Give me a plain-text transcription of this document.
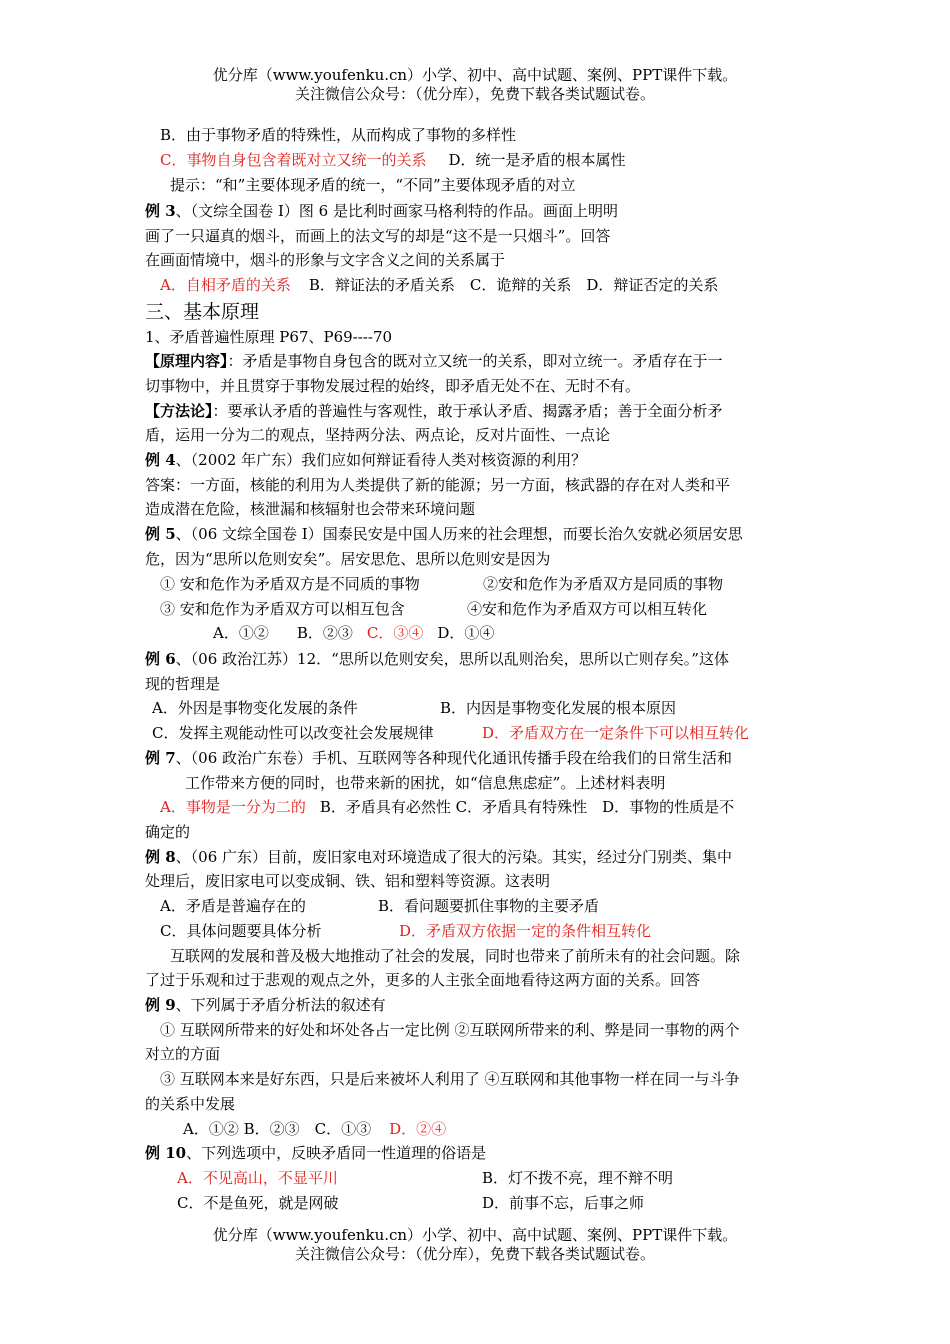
优分库（www.youfenku.cn）小学、初中、高中试题、案例、PPT课件下载。
关注微信公众号：（优分库），免费下载各类试题试卷。
B．由于事物矛盾的特殊性，从而构成了事物的多样性
C．事物自身包含着既对立又统一的关系 D．统一是矛盾的根本属性
提示：“和”主要体现矛盾的统一，“不同”主要体现矛盾的对立
例 3、（文综全国卷 I）图 6 是比利时画家马格利特的作品。画面上明明
画了一只逼真的烟斗，而画上的法文写的却是“这不是一只烟斗”。回答
在画面情境中，烟斗的形象与文字含义之间的关系属于
A．自相矛盾的关系 B．辩证法的矛盾关系　C．诡辩的关系　D．辩证否定的关系
三、基本原理
1、矛盾普遍性原理 P67、P69----70
【原理内容】：矛盾是事物自身包含的既对立又统一的关系，即对立统一。矛盾存在于一
切事物中，并且贯穿于事物发展过程的始终，即矛盾无处不在、无时不有。
【方法论】：要承认矛盾的普遍性与客观性，敢于承认矛盾、揭露矛盾；善于全面分析矛
盾，运用一分为二的观点，坚持两分法、两点论，反对片面性、一点论
例 4、（2002 年广东）我们应如何辩证看待人类对核资源的利用？
答案：一方面，核能的利用为人类提供了新的能源；另一方面，核武器的存在对人类和平
造成潜在危险，核泄漏和核辐射也会带来环境问题
例 5、（06 文综全国卷 I）国泰民安是中国人历来的社会理想，而要长治久安就必须居安思
危，因为“思所以危则安矣”。居安思危、思所以危则安是因为
① 安和危作为矛盾双方是不同质的事物	②安和危作为矛盾双方是同质的事物
③ 安和危作为矛盾双方可以相互包含	④安和危作为矛盾双方可以相互转化
A．①② B．②③ C．③④ D．①④
例 6、（06 政治江苏）12．“思所以危则安矣，思所以乱则治矣，思所以亡则存矣。”这体
现的哲理是
A．外因是事物变化发展的条件	B．内因是事物变化发展的根本原因
C．发挥主观能动性可以改变社会发展规律	D．矛盾双方在一定条件下可以相互转化
例 7、（06 政治广东卷）手机、互联网等各种现代化通讯传播手段在给我们的日常生活和
工作带来方便的同时，也带来新的困扰，如“信息焦虑症”。上述材料表明
A．事物是一分为二的 B．矛盾具有必然性 C．矛盾具有特殊性　D．事物的性质是不
确定的
例 8、（06 广东）目前，废旧家电对环境造成了很大的污染。其实，经过分门别类、集中
处理后，废旧家电可以变成铜、铁、铝和塑料等资源。这表明
A．矛盾是普遍存在的	B．看问题要抓住事物的主要矛盾
C．具体问题要具体分析	D．矛盾双方依据一定的条件相互转化
互联网的发展和普及极大地推动了社会的发展，同时也带来了前所未有的社会问题。除
了过于乐观和过于悲观的观点之外，更多的人主张全面地看待这两方面的关系。回答
例 9、下列属于矛盾分析法的叙述有
① 互联网所带来的好处和坏处各占一定比例 ②互联网所带来的利、弊是同一事物的两个
对立的方面
③ 互联网本来是好东西，只是后来被坏人利用了 ④互联网和其他事物一样在同一与斗争
的关系中发展
A．①② B．②③　C．①③ D．②④
例 10、下列选项中，反映矛盾同一性道理的俗语是
A．不见高山，不显平川	B．灯不拨不亮，理不辩不明
C．不是鱼死，就是网破	D．前事不忘，后事之师
优分库（www.youfenku.cn）小学、初中、高中试题、案例、PPT课件下载。
关注微信公众号：（优分库），免费下载各类试题试卷。
